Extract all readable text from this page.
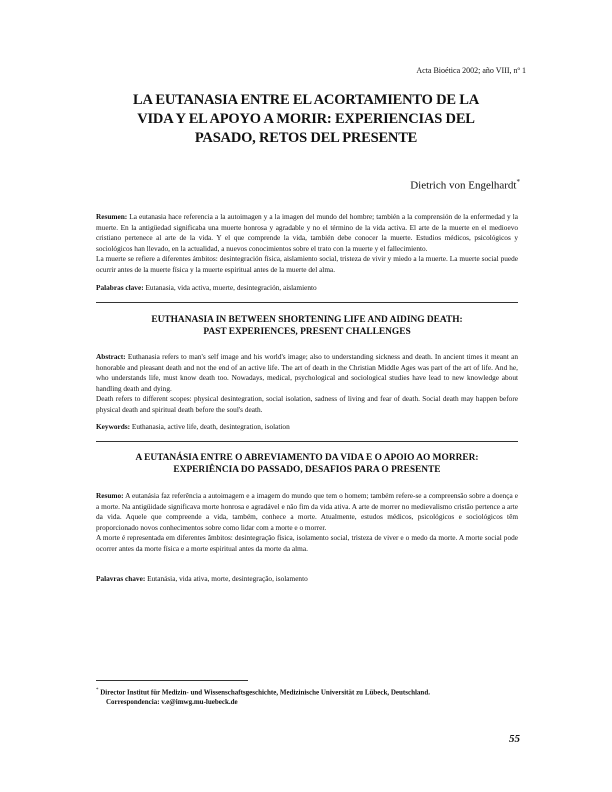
Acta Bioética 2002; año VIII, nº 1
LA EUTANASIA ENTRE EL ACORTAMIENTO DE LA
VIDA Y EL APOYO A MORIR: EXPERIENCIAS DEL
PASADO, RETOS DEL PRESENTE
Dietrich von Engelhardt*

Resumen: La eutanasia hace referencia a la autoimagen y a la imagen del mundo del hombre; también a la comprensión de la enfermedad y la muerte. En la antigüedad significaba una muerte honrosa y agradable y no el término de la vida activa. El arte de la muerte en el medioevo cristiano pertenece al arte de la vida. Y el que comprende la vida, también debe conocer la muerte. Estudios médicos, psicológicos y sociológicos han llevado, en la actualidad, a nuevos conocimientos sobre el trato con la muerte y el fallecimiento.

La muerte se refiere a diferentes ámbitos: desintegración física, aislamiento social, tristeza de vivir y miedo a la muerte. La muerte social puede ocurrir antes de la muerte física y la muerte espiritual antes de la muerte del alma.

Palabras clave: Eutanasia, vida activa, muerte, desintegración, aislamiento

EUTHANASIA IN BETWEEN SHORTENING LIFE AND AIDING DEATH:
PAST EXPERIENCES, PRESENT CHALLENGES

Abstract: Euthanasia refers to man's self image and his world's image; also to understanding sickness and death. In ancient times it meant an honorable and pleasant death and not the end of an active life. The art of death in the Christian Middle Ages was part of the art of life. And he, who understands life, must know death too. Nowadays, medical, psychological and sociological studies have lead to new knowledge about handling death and dying.

Death refers to different scopes: physical desintegration, social isolation, sadness of living and fear of death. Social death may happen before physical death and spiritual death before the soul's death.

Keywords: Euthanasia, active life, death, desintegration, isolation

A EUTANÁSIA ENTRE O ABREVIAMENTO DA VIDA E O APOIO AO MORRER:
EXPERIÊNCIA DO PASSADO, DESAFIOS PARA O PRESENTE

Resumo: A eutanásia faz referência a autoimagem e a imagem do mundo que tem o homem; também refere-se a compreensão sobre a doença e a morte. Na antigüidade significava morte honrosa e agradável e não fim da vida ativa. A arte de morrer no medievalismo cristão pertence a arte da vida. Aquele que compreende a vida, também, conhece a morte. Atualmente, estudos médicos, psicológicos e sociológicos têm proporcionado novos conhecimentos sobre como lidar com a morte e o morrer.

A morte é representada em diferentes âmbitos: desintegração física, isolamento social, tristeza de viver e o medo da morte. A morte social pode ocorrer antes da morte física e a morte espiritual antes da morte da alma.

Palavras chave: Eutanásia, vida ativa, morte, desintegração, isolamento

* Director Institut für Medizin- und Wissenschaftsgeschichte, Medizinische Universität zu Lübeck, Deutschland.
Correspondencia: v.e@imwg.mu-luebeck.de
55
